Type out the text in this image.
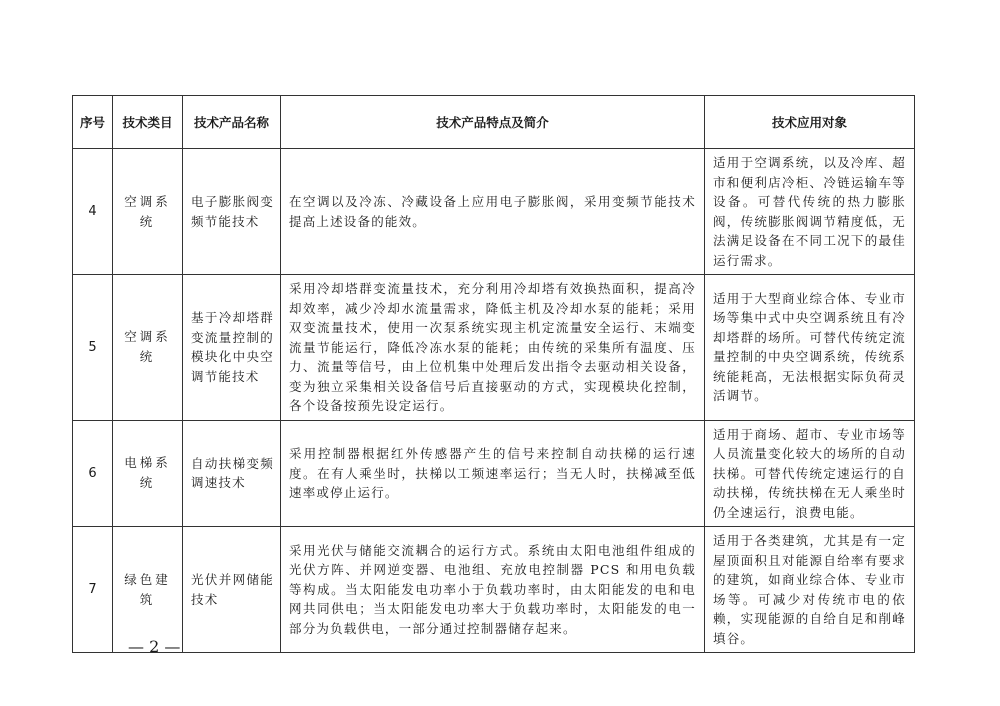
序号	技术类目	技术产品名称	技术产品特点及简介	技术应用对象
4	空调系统	电子膨胀阀变频节能技术	在空调以及冷冻、冷藏设备上应用电子膨胀阀，采用变频节能技术提高上述设备的能效。	适用于空调系统，以及冷库、超市和便利店冷柜、冷链运输车等设备。可替代传统的热力膨胀阀，传统膨胀阀调节精度低，无法满足设备在不同工况下的最佳运行需求。
5	空调系统	基于冷却塔群变流量控制的模块化中央空调节能技术	采用冷却塔群变流量技术，充分利用冷却塔有效换热面积，提高冷却效率，减少冷却水流量需求，降低主机及冷却水泵的能耗；采用双变流量技术，使用一次泵系统实现主机定流量安全运行、末端变流量节能运行，降低冷冻水泵的能耗；由传统的采集所有温度、压力、流量等信号，由上位机集中处理后发出指令去驱动相关设备，变为独立采集相关设备信号后直接驱动的方式，实现模块化控制，各个设备按预先设定运行。	适用于大型商业综合体、专业市场等集中式中央空调系统且有冷却塔群的场所。可替代传统定流量控制的中央空调系统，传统系统能耗高，无法根据实际负荷灵活调节。
6	电梯系统	自动扶梯变频调速技术	采用控制器根据红外传感器产生的信号来控制自动扶梯的运行速度。在有人乘坐时，扶梯以工频速率运行；当无人时，扶梯减至低速率或停止运行。	适用于商场、超市、专业市场等人员流量变化较大的场所的自动扶梯。可替代传统定速运行的自动扶梯，传统扶梯在无人乘坐时仍全速运行，浪费电能。
7	绿色建筑	光伏并网储能技术	采用光伏与储能交流耦合的运行方式。系统由太阳电池组件组成的光伏方阵、并网逆变器、电池组、充放电控制器 PCS 和用电负载等构成。当太阳能发电功率小于负载功率时，由太阳能发的电和电网共同供电；当太阳能发电功率大于负载功率时，太阳能发的电一部分为负载供电，一部分通过控制器储存起来。	适用于各类建筑，尤其是有一定屋顶面积且对能源自给率有要求的建筑，如商业综合体、专业市场等。可减少对传统市电的依赖，实现能源的自给自足和削峰填谷。
— 2 —
